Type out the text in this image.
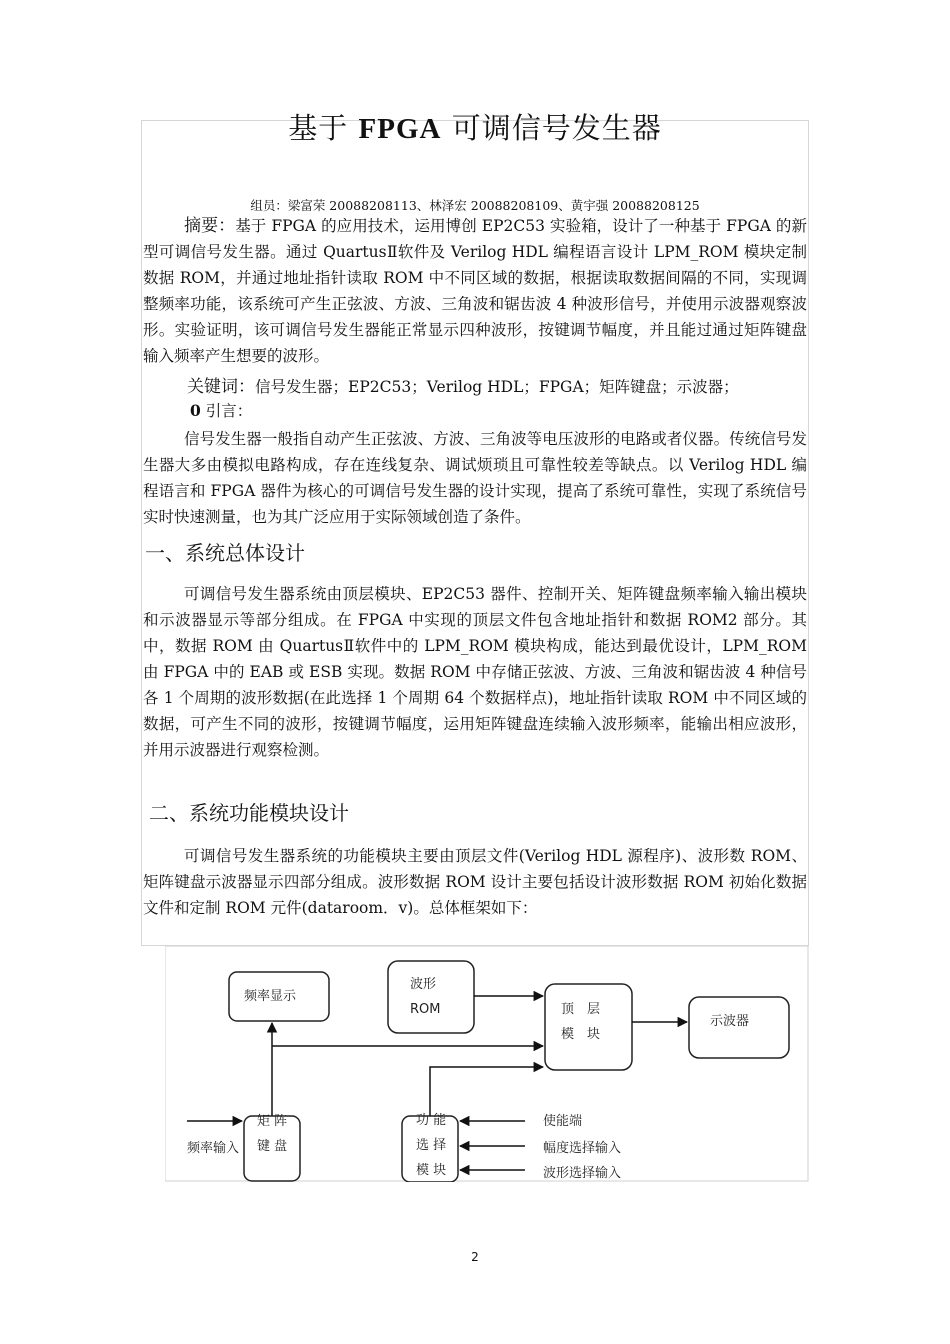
基于 FPGA 可调信号发生器
组员：梁富荣 20088208113、林泽宏 20088208109、黄宇强 20088208125

摘要：基于 FPGA 的应用技术，运用博创 EP2C53 实验箱，设计了一种基于 FPGA 的新型可调信号发生器。通过 QuartusⅡ软件及 Verilog HDL 编程语言设计 LPM_ROM 模块定制数据 ROM，并通过地址指针读取 ROM 中不同区域的数据，根据读取数据间隔的不同，实现调整频率功能，该系统可产生正弦波、方波、三角波和锯齿波 4 种波形信号，并使用示波器观察波形。实验证明，该可调信号发生器能正常显示四种波形，按键调节幅度，并且能过通过矩阵键盘输入频率产生想要的波形。

关键词：信号发生器；EP2C53；Verilog HDL；FPGA；矩阵键盘；示波器；
0 引言：

信号发生器一般指自动产生正弦波、方波、三角波等电压波形的电路或者仪器。传统信号发生器大多由模拟电路构成，存在连线复杂、调试烦琐且可靠性较差等缺点。以 Verilog HDL 编程语言和 FPGA 器件为核心的可调信号发生器的设计实现，提高了系统可靠性，实现了系统信号实时快速测量，也为其广泛应用于实际领域创造了条件。

一、系统总体设计

可调信号发生器系统由顶层模块、EP2C53 器件、控制开关、矩阵键盘频率输入输出模块和示波器显示等部分组成。在 FPGA 中实现的顶层文件包含地址指针和数据 ROM2 部分。其中，数据 ROM 由 QuartusⅡ软件中的 LPM_ROM 模块构成，能达到最优设计，LPM_ROM 由 FPGA 中的 EAB 或 ESB 实现。数据 ROM 中存储正弦波、方波、三角波和锯齿波 4 种信号各 1 个周期的波形数据(在此选择 1 个周期 64 个数据样点)，地址指针读取 ROM 中不同区域的数据，可产生不同的波形，按键调节幅度，运用矩阵键盘连续输入波形频率，能输出相应波形，并用示波器进行观察检测。

二、系统功能模块设计

可调信号发生器系统的功能模块主要由顶层文件(Verilog HDL 源程序)、波形数 ROM、矩阵键盘示波器显示四部分组成。波形数据 ROM 设计主要包括设计波形数据 ROM 初始化数据文件和定制 ROM 元件(dataroom．v)。总体框架如下：

频率显示
波形
ROM	顶　层
模　块
示波器
矩 阵
键 盘
功 能
选 择
模 块
频率输入
使能端
幅度选择输入
波形选择输入
2
